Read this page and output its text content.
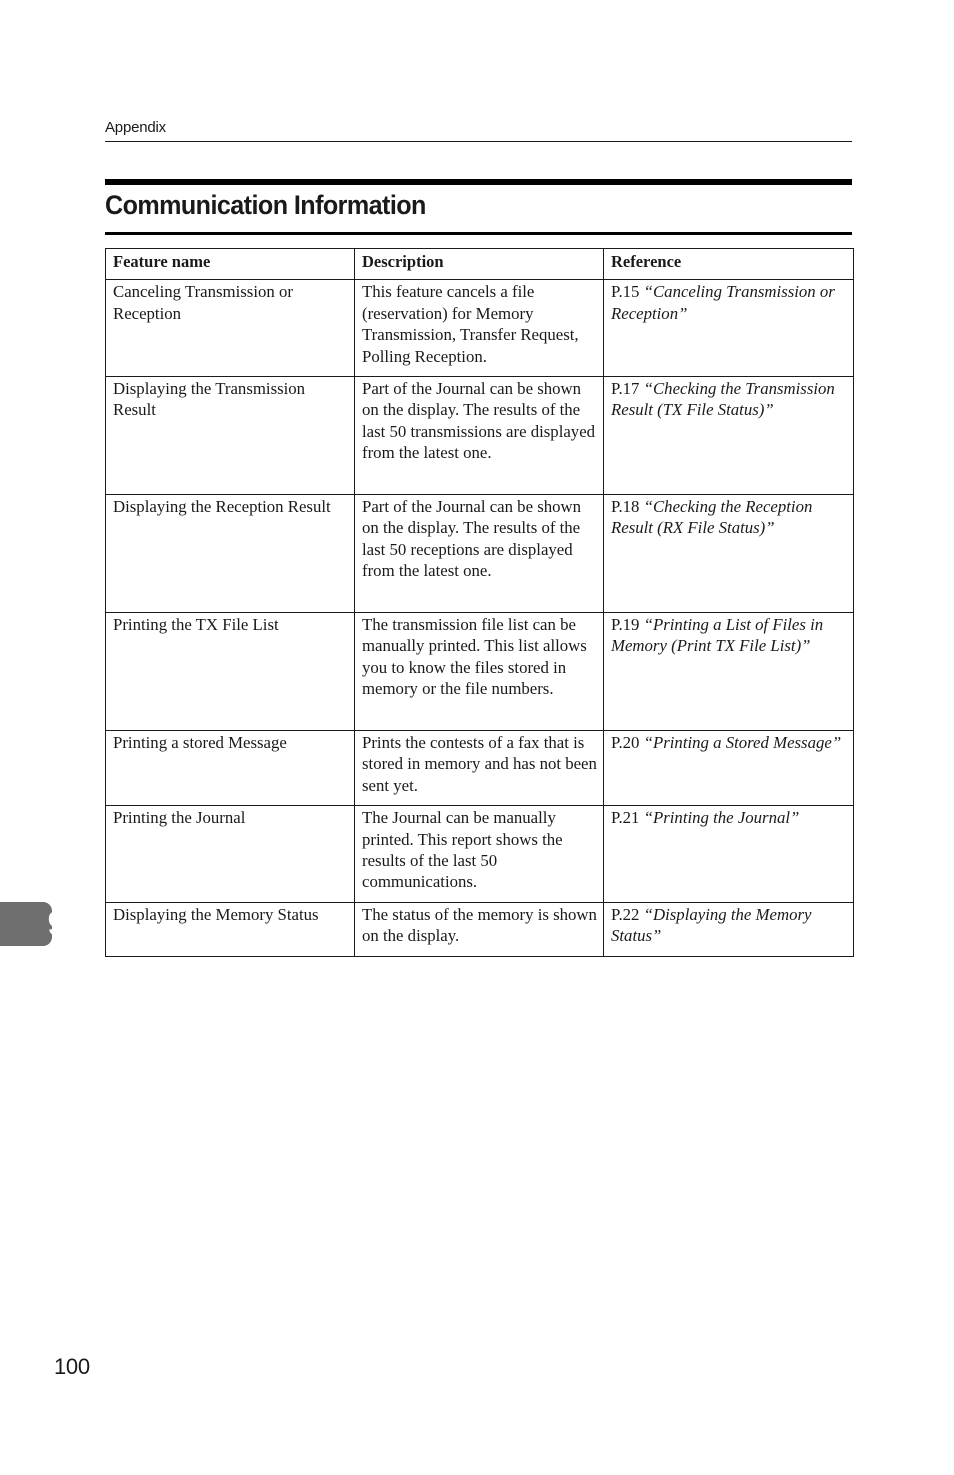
Appendix
Communication Information
Feature name	Description	Reference
Canceling Transmission or Reception	This feature cancels a file (reservation) for Memory Transmission, Transfer Request, Polling Reception.	P.15 “Canceling Transmission or Reception”
Displaying the Transmission Result	Part of the Journal can be shown on the display. The results of the last 50 transmissions are displayed from the latest one.	P.17 “Checking the Transmission Result (TX File Status)”
Displaying the Reception Result	Part of the Journal can be shown on the display. The results of the last 50 receptions are displayed from the latest one.	P.18 “Checking the Reception Result (RX File Status)”
Printing the TX File List	The transmission file list can be manually printed. This list allows you to know the files stored in memory or the file numbers.	P.19 “Printing a List of Files in Memory (Print TX File List)”
Printing a stored Message	Prints the contests of a fax that is stored in memory and has not been sent yet.	P.20 “Printing a Stored Message”
Printing the Journal	The Journal can be manually printed. This report shows the results of the last 50 communications.	P.21 “Printing the Journal”
Displaying the Memory Status	The status of the memory is shown on the display.	P.22 “Displaying the Memory Status”
9
100
